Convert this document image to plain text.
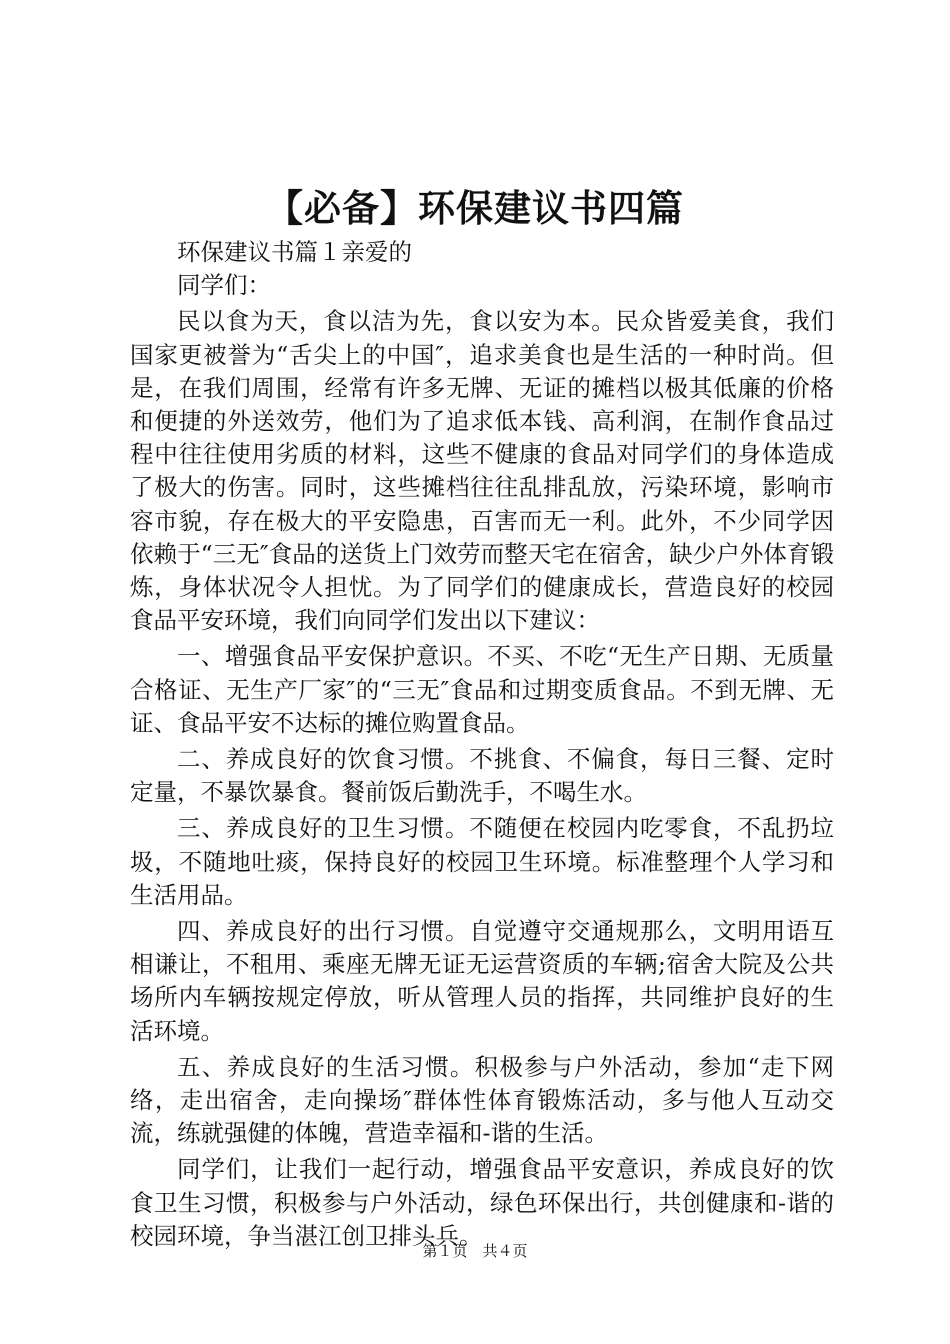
【必备】环保建议书四篇

环保建议书篇１亲爱的

同学们：

民以食为天，食以洁为先，食以安为本。民众皆爱美食，我们国家更被誉为“舌尖上的中国″，追求美食也是生活的一种时尚。但是，在我们周围，经常有许多无牌、无证的摊档以极其低廉的价格和便捷的外送效劳，他们为了追求低本钱、高利润，在制作食品过程中往往使用劣质的材料，这些不健康的食品对同学们的身体造成了极大的伤害。同时，这些摊档往往乱排乱放，污染环境，影响市容市貌，存在极大的平安隐患，百害而无一利。此外，不少同学因依赖于“三无″食品的送货上门效劳而整天宅在宿舍，缺少户外体育锻炼，身体状况令人担忧。为了同学们的健康成长，营造良好的校园食品平安环境，我们向同学们发出以下建议：

一、增强食品平安保护意识。不买、不吃“无生产日期、无质量合格证、无生产厂家″的“三无″食品和过期变质食品。不到无牌、无证、食品平安不达标的摊位购置食品。

二、养成良好的饮食习惯。不挑食、不偏食，每日三餐、定时定量，不暴饮暴食。餐前饭后勤洗手，不喝生水。

三、养成良好的卫生习惯。不随便在校园内吃零食，不乱扔垃圾，不随地吐痰，保持良好的校园卫生环境。标准整理个人学习和生活用品。

四、养成良好的出行习惯。自觉遵守交通规那么，文明用语互相谦让，不租用、乘座无牌无证无运营资质的车辆;宿舍大院及公共场所内车辆按规定停放，听从管理人员的指挥，共同维护良好的生活环境。

五、养成良好的生活习惯。积极参与户外活动，参加“走下网络，走出宿舍，走向操场″群体性体育锻炼活动，多与他人互动交流，练就强健的体魄，营造幸福和-谐的生活。

同学们，让我们一起行动，增强食品平安意识，养成良好的饮食卫生习惯，积极参与户外活动，绿色环保出行，共创健康和-谐的校园环境，争当湛江创卫排头兵。

第１页　共４页
